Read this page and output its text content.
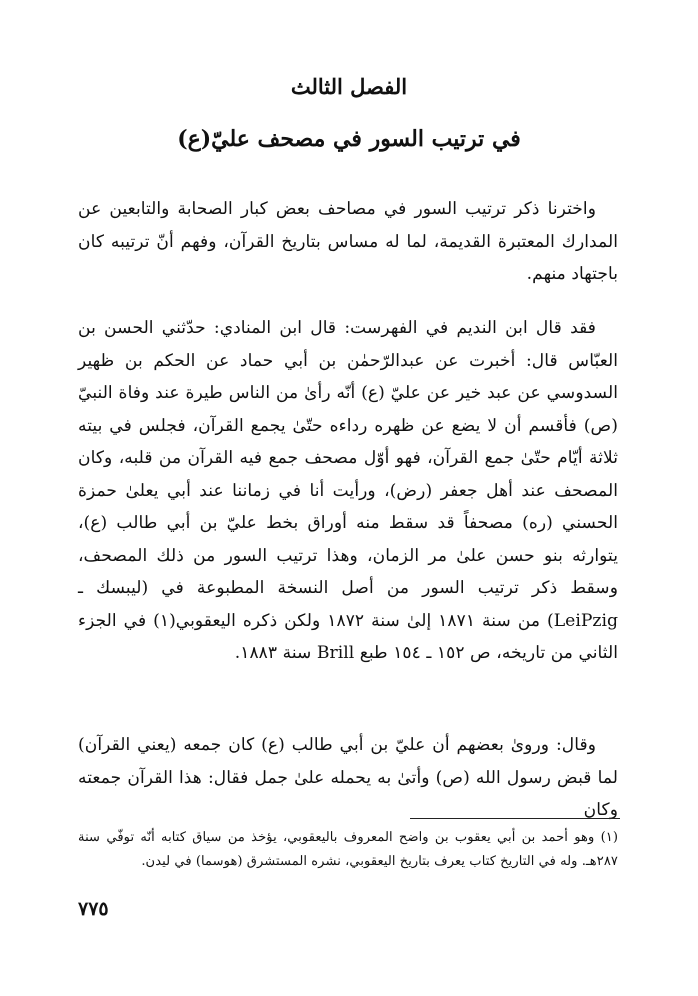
الفصل الثالث
في ترتيب السور في مصحف عليّ(ع)

واخترنا ذكر ترتيب السور في مصاحف بعض كبار الصحابة والتابعين عن المدارك المعتبرة القديمة، لما له مساس بتاريخ القرآن، وفهم أنّ ترتيبه كان باجتهاد منهم.

فقد قال ابن النديم في الفهرست: قال ابن المنادي: حدّثني الحسن بن العبّاس قال: أخبرت عن عبدالرّحمٰن بن أبي حماد عن الحكم بن ظهير السدوسي عن عبد خير عن عليّ (ع) أنّه رأىٰ من الناس طيرة عند وفاة النبيّ (ص) فأقسم أن لا يضع عن ظهره رداءه حتّىٰ يجمع القرآن، فجلس في بيته ثلاثة أيّام حتّىٰ جمع القرآن، فهو أوّل مصحف جمع فيه القرآن من قلبه، وكان المصحف عند أهل جعفر (رض)، ورأيت أنا في زماننا عند أبي يعلىٰ حمزة الحسني (ره) مصحفاً قد سقط منه أوراق بخط عليّ بن أبي طالب (ع)، يتوارثه بنو حسن علىٰ مر الزمان، وهذا ترتيب السور من ذلك المصحف، وسقط ذكر ترتيب السور من أصل النسخة المطبوعة في (ليبسك ـ LeiPzig) من سنة ١٨٧١ إلىٰ سنة ١٨٧٢ ولكن ذكره اليعقوبي(١) في الجزء الثاني من تاريخه، ص ١٥٢ ـ ١٥٤ طبع Brill سنة ١٨٨٣.

وقال: وروىٰ بعضهم أن عليّ بن أبي طالب (ع) كان جمعه (يعني القرآن) لما قبض رسول الله (ص) وأتىٰ به يحمله علىٰ جمل فقال: هذا القرآن جمعته وكان

(١) وهو أحمد بن أبي يعقوب بن واضح المعروف باليعقوبي، يؤخذ من سياق كتابه أنّه توفّي سنة ٢٨٧هـ. وله في التاريخ كتاب يعرف بتاريخ اليعقوبي، نشره المستشرق (هوسما) في ليدن.
٧٧٥
